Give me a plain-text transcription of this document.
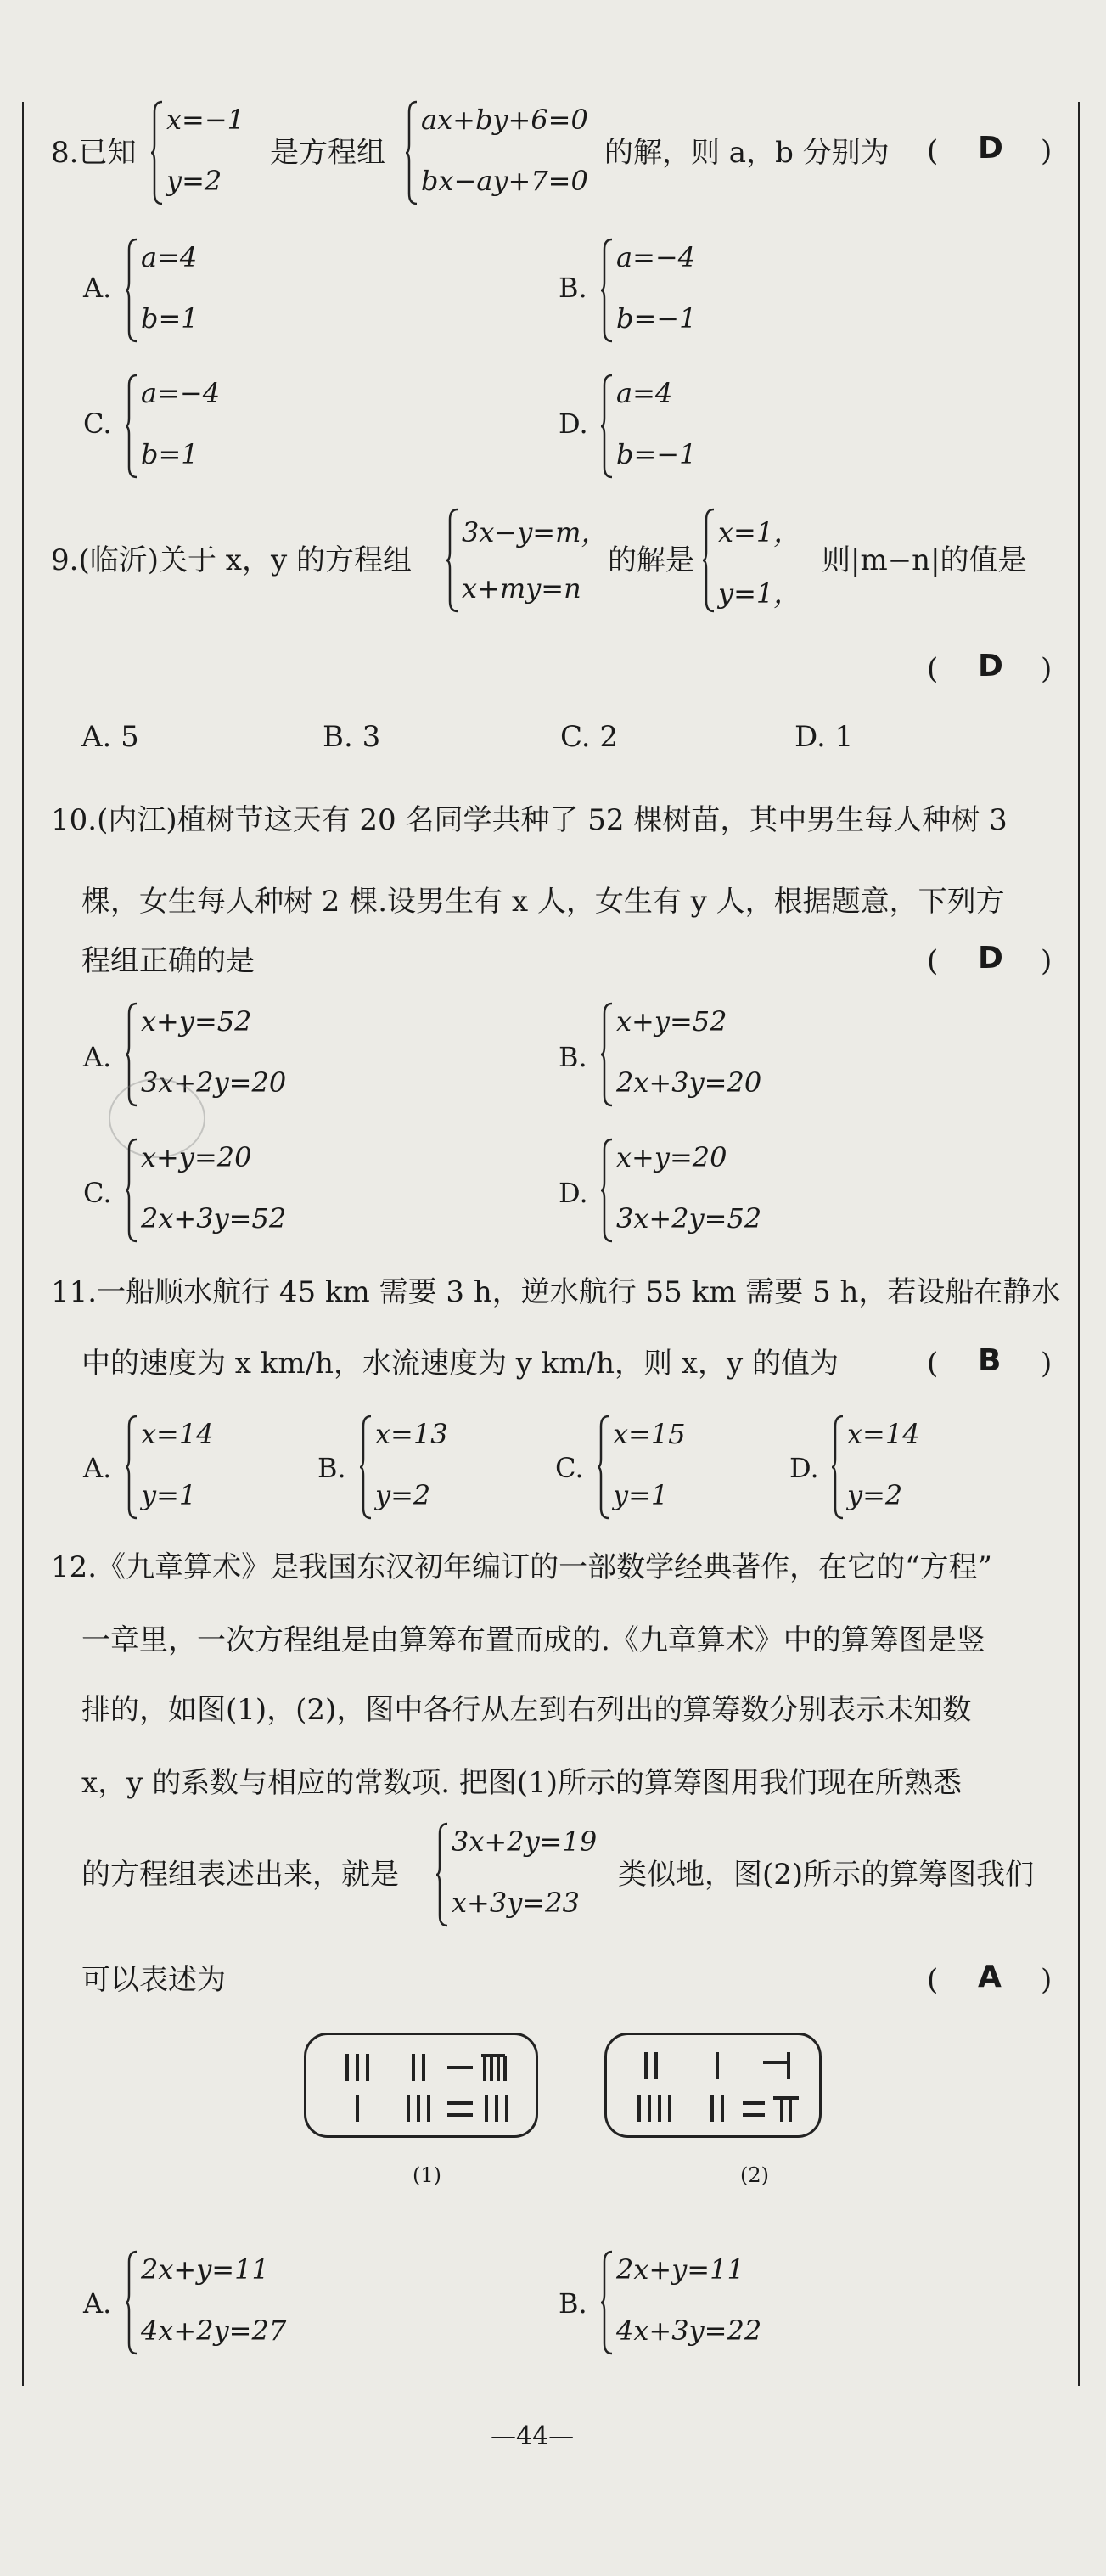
8.已知
x=−1
y=2
是方程组
ax+by+6=0
bx−ay+7=0
的解，则 a，b 分别为 ( D )
A.
a=4
b=1
B.
a=−4
b=−1
C.
a=−4
b=1
D.
a=4
b=−1
9.(临沂)关于 x，y 的方程组
3x−y=m，
x+my=n
的解是
x=1，
y=1，
则|m−n|的值是
( D )
A. 5	B. 3	C. 2	D. 1
10.(内江)植树节这天有 20 名同学共种了 52 棵树苗，其中男生每人种树 3
棵，女生每人种树 2 棵.设男生有 x 人，女生有 y 人，根据题意，下列方
程组正确的是	( D )
A.
x+y=52
3x+2y=20
B.
x+y=52
2x+3y=20
C.
x+y=20
2x+3y=52
D.
x+y=20
3x+2y=52
11.一船顺水航行 45 km 需要 3 h，逆水航行 55 km 需要 5 h，若设船在静水
中的速度为 x km/h，水流速度为 y km/h，则 x，y 的值为	( B )
A.
x=14
y=1
B.
x=13
y=2
C.
x=15
y=1
D.
x=14
y=2
12.《九章算术》是我国东汉初年编订的一部数学经典著作，在它的“方程”
一章里，一次方程组是由算筹布置而成的.《九章算术》中的算筹图是竖
排的，如图(1)，(2)，图中各行从左到右列出的算筹数分别表示未知数
x，y 的系数与相应的常数项. 把图(1)所示的算筹图用我们现在所熟悉
的方程组表述出来，就是
3x+2y=19
x+3y=23
类似地，图(2)所示的算筹图我们
可以表述为	( A )
(1)	(2)
A.
2x+y=11
4x+2y=27
B.
2x+y=11
4x+3y=22
—44—
